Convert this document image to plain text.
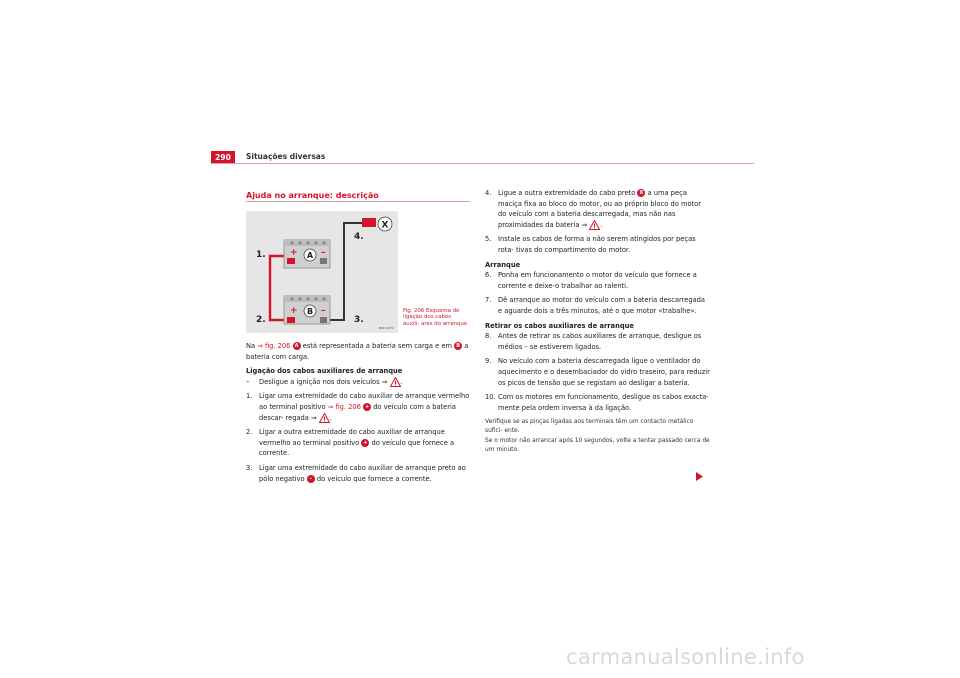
290	Situações diversas
Ajuda no arranque: descrição
+	–
A
+	–
B
X
1.
2.	3.
4.
B5P-0039
Fig. 206 Esquema de ligação dos cabos auxili- ares do arranque

Na ⇒ fig. 206 A está representada a bateria sem carga e em B a bateria com carga.

Ligação dos cabos auxiliares de arranque

– Desligue a ignição nos dois veículos ⇒ .

1. Ligar uma extremidade do cabo auxiliar de arranque vermelho ao terminal positivo ⇒ fig. 206 + do veículo com a bateria descar- regada ⇒ .

2. Ligar a outra extremidade do cabo auxiliar de arranque vermelho ao terminal positivo + do veículo que fornece a corrente.

3. Ligar uma extremidade do cabo auxiliar de arranque preto ao pólo negativo – do veículo que fornece a corrente.

4. Ligue a outra extremidade do cabo preto X a uma peça maciça fixa ao bloco do motor, ou ao próprio bloco do motor do veículo com a bateria descarregada, mas não nas proximidades da bateria ⇒ .

5. Instale os cabos de forma a não serem atingidos por peças rota- tivas do compartimento do motor.

Arranque

6. Ponha em funcionamento o motor do veículo que fornece a corrente e deixe-o trabalhar ao ralenti.

7. Dê arranque ao motor do veículo com a bateria descarregada e aguarde dois a três minutos, até o que motor «trabalhe».

Retirar os cabos auxiliares de arranque

8. Antes de retirar os cabos auxiliares de arranque, desligue os médios – se estiverem ligados.

9. No veículo com a bateria descarregada ligue o ventilador do aquecimento e o desembaciador do vidro traseiro, para reduzir os picos de tensão que se registam ao desligar a bateria.

10. Com os motores em funcionamento, desligue os cabos exacta- mente pela ordem inversa à da ligação.

Verifique se as pinças ligadas aos terminais têm um contacto metálico sufici- ente.

Se o motor não arrancar após 10 segundos, volte a tentar passado cerca de um minuto.

carmanualsonline.info
